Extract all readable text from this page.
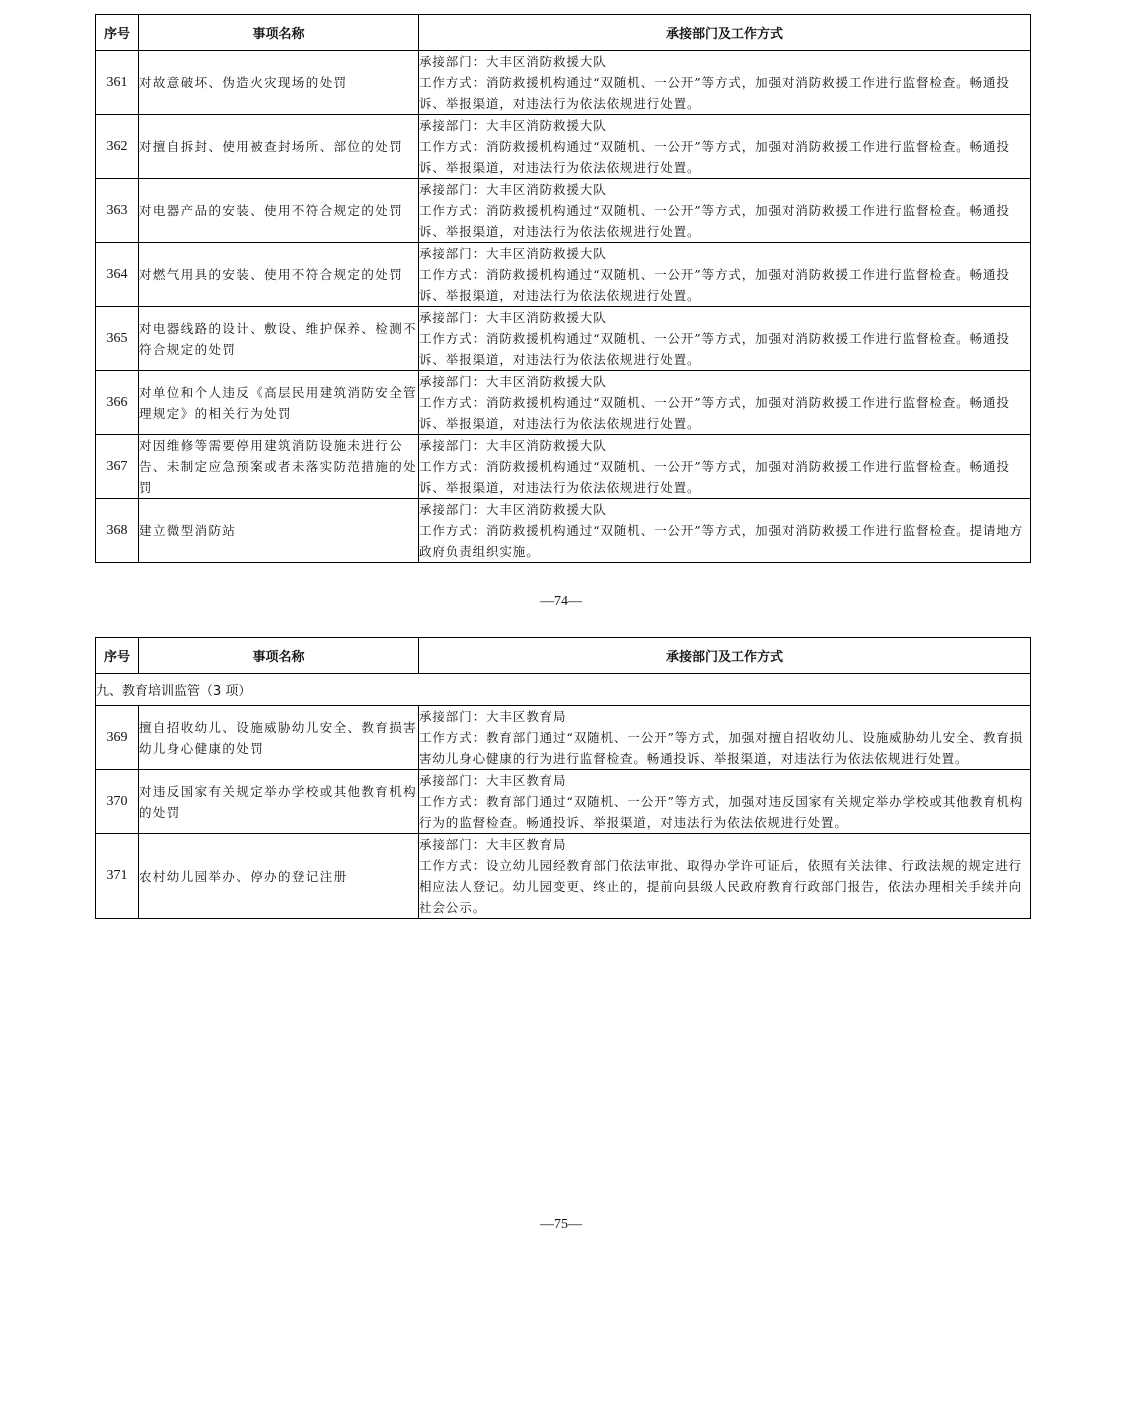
序号	事项名称	承接部门及工作方式
361	对故意破坏、伪造火灾现场的处罚	承接部门：大丰区消防救援大队
工作方式：消防救援机构通过“双随机、一公开”等方式，加强对消防救援工作进行监督检查。畅通投诉、举报渠道，对违法行为依法依规进行处置。

362	对擅自拆封、使用被查封场所、部位的处罚	承接部门：大丰区消防救援大队
工作方式：消防救援机构通过“双随机、一公开”等方式，加强对消防救援工作进行监督检查。畅通投诉、举报渠道，对违法行为依法依规进行处置。

363	对电器产品的安装、使用不符合规定的处罚	承接部门：大丰区消防救援大队
工作方式：消防救援机构通过“双随机、一公开”等方式，加强对消防救援工作进行监督检查。畅通投诉、举报渠道，对违法行为依法依规进行处置。

364	对燃气用具的安装、使用不符合规定的处罚	承接部门：大丰区消防救援大队
工作方式：消防救援机构通过“双随机、一公开”等方式，加强对消防救援工作进行监督检查。畅通投诉、举报渠道，对违法行为依法依规进行处置。

365	对电器线路的设计、敷设、维护保养、检测不符合规定的处罚	承接部门：大丰区消防救援大队
工作方式：消防救援机构通过“双随机、一公开”等方式，加强对消防救援工作进行监督检查。畅通投诉、举报渠道，对违法行为依法依规进行处置。

366	对单位和个人违反《高层民用建筑消防安全管理规定》的相关行为处罚	承接部门：大丰区消防救援大队
工作方式：消防救援机构通过“双随机、一公开”等方式，加强对消防救援工作进行监督检查。畅通投诉、举报渠道，对违法行为依法依规进行处置。

367	对因维修等需要停用建筑消防设施未进行公告、未制定应急预案或者未落实防范措施的处罚	承接部门：大丰区消防救援大队
工作方式：消防救援机构通过“双随机、一公开”等方式，加强对消防救援工作进行监督检查。畅通投诉、举报渠道，对违法行为依法依规进行处置。

368	建立微型消防站	承接部门：大丰区消防救援大队
工作方式：消防救援机构通过“双随机、一公开”等方式，加强对消防救援工作进行监督检查。提请地方政府负责组织实施。
—74—
序号	事项名称	承接部门及工作方式
九、教育培训监管（3 项）		
369	擅自招收幼儿、设施威胁幼儿安全、教育损害幼儿身心健康的处罚	承接部门：大丰区教育局
工作方式：教育部门通过“双随机、一公开”等方式，加强对擅自招收幼儿、设施威胁幼儿安全、教育损害幼儿身心健康的行为进行监督检查。畅通投诉、举报渠道，对违法行为依法依规进行处置。

370	对违反国家有关规定举办学校或其他教育机构的处罚	承接部门：大丰区教育局
工作方式：教育部门通过“双随机、一公开”等方式，加强对违反国家有关规定举办学校或其他教育机构行为的监督检查。畅通投诉、举报渠道，对违法行为依法依规进行处置。

371	农村幼儿园举办、停办的登记注册	承接部门：大丰区教育局
工作方式：设立幼儿园经教育部门依法审批、取得办学许可证后，依照有关法律、行政法规的规定进行相应法人登记。幼儿园变更、终止的，提前向县级人民政府教育行政部门报告，依法办理相关手续并向社会公示。
—75—
